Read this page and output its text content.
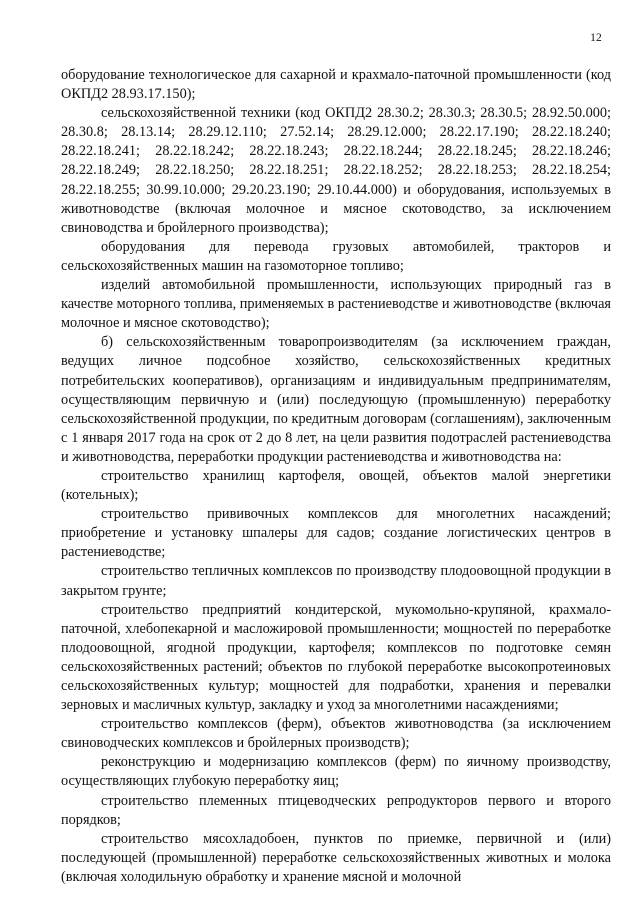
12

оборудование технологическое для сахарной и крахмало-паточной промышленности (код ОКПД2 28.93.17.150);

сельскохозяйственной техники (код ОКПД2 28.30.2; 28.30.3; 28.30.5; 28.92.50.000; 28.30.8; 28.13.14; 28.29.12.110; 27.52.14; 28.29.12.000; 28.22.17.190; 28.22.18.240; 28.22.18.241; 28.22.18.242; 28.22.18.243; 28.22.18.244; 28.22.18.245; 28.22.18.246; 28.22.18.249; 28.22.18.250; 28.22.18.251; 28.22.18.252; 28.22.18.253; 28.22.18.254; 28.22.18.255; 30.99.10.000; 29.20.23.190; 29.10.44.000) и оборудования, используемых в животноводстве (включая молочное и мясное скотоводство, за исключением свиноводства и бройлерного производства);

оборудования для перевода грузовых автомобилей, тракторов и сельскохозяйственных машин на газомоторное топливо;

изделий автомобильной промышленности, использующих природный газ в качестве моторного топлива, применяемых в растениеводстве и животноводстве (включая молочное и мясное скотоводство);

б) сельскохозяйственным товаропроизводителям (за исключением граждан, ведущих личное подсобное хозяйство, сельскохозяйственных кредитных потребительских кооперативов), организациям и индивидуальным предпринимателям, осуществляющим первичную и (или) последующую (промышленную) переработку сельскохозяйственной продукции, по кредитным договорам (соглашениям), заключенным с 1 января 2017 года на срок от 2 до 8 лет, на цели развития подотраслей растениеводства и животноводства, переработки продукции растениеводства и животноводства на:

строительство хранилищ картофеля, овощей, объектов малой энергетики (котельных);

строительство прививочных комплексов для многолетних насаждений; приобретение и установку шпалеры для садов; создание логистических центров в растениеводстве;

строительство тепличных комплексов по производству плодоовощной продукции в закрытом грунте;

строительство предприятий кондитерской, мукомольно-крупяной, крахмало-паточной, хлебопекарной и масложировой промышленности; мощностей по переработке плодоовощной, ягодной продукции, картофеля; комплексов по подготовке семян сельскохозяйственных растений; объектов по глубокой переработке высокопротеиновых сельскохозяйственных культур; мощностей для подработки, хранения и перевалки зерновых и масличных культур, закладку и уход за многолетними насаждениями;

строительство комплексов (ферм), объектов животноводства (за исключением свиноводческих комплексов и бройлерных производств);

реконструкцию и модернизацию комплексов (ферм) по яичному производству, осуществляющих глубокую переработку яиц;

строительство племенных птицеводческих репродукторов первого и второго порядков;

строительство мясохладобоен, пунктов по приемке, первичной и (или) последующей (промышленной) переработке сельскохозяйственных животных и молока (включая холодильную обработку и хранение мясной и молочной
